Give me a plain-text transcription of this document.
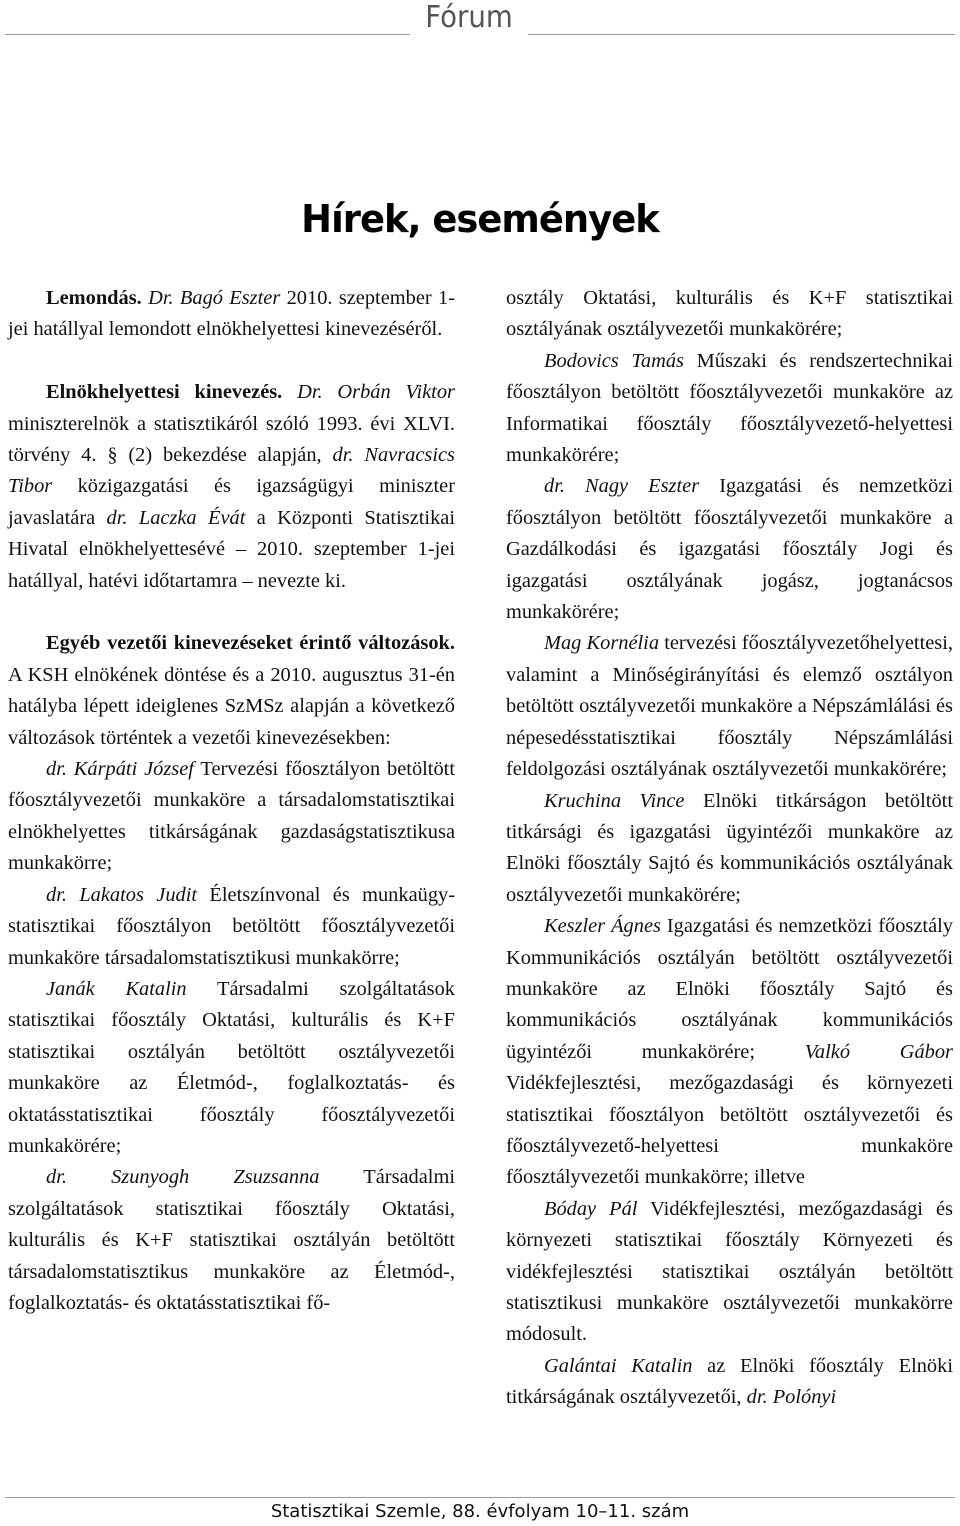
Fórum
Hírek, események

Lemondás. Dr. Bagó Eszter 2010. szeptember 1-jei hatállyal lemondott elnökhelyettesi kinevezéséről.

Elnökhelyettesi kinevezés. Dr. Orbán Viktor miniszterelnök a statisztikáról szóló 1993. évi XLVI. törvény 4. § (2) bekezdése alapján, dr. Navracsics Tibor közigazgatási és igazságügyi miniszter javaslatára dr. Laczka Évát a Központi Statisztikai Hivatal elnökhelyettesévé – 2010. szeptember 1-jei hatállyal, hatévi időtartamra – nevezte ki.

Egyéb vezetői kinevezéseket érintő változások. A KSH elnökének döntése és a 2010. augusztus 31-én hatályba lépett ideiglenes SzMSz alapján a következő változások történtek a vezetői kinevezésekben:

dr. Kárpáti József Tervezési főosztályon betöltött főosztályvezetői munkaköre a társadalomstatisztikai elnökhelyettes titkárságának gazdaságstatisztikusa munkakörre;

dr. Lakatos Judit Életszínvonal és munkaügy-statisztikai főosztályon betöltött főosztályvezetői munkaköre társadalomstatisztikusi munkakörre;

Janák Katalin Társadalmi szolgáltatások statisztikai főosztály Oktatási, kulturális és K+F statisztikai osztályán betöltött osztályvezetői munkaköre az Életmód-, foglalkoztatás- és oktatásstatisztikai főosztály főosztályvezetői munkakörére;

dr. Szunyogh Zsuzsanna Társadalmi szolgáltatások statisztikai főosztály Oktatási, kulturális és K+F statisztikai osztályán betöltött társadalomstatisztikus munkaköre az Életmód-, foglalkoztatás- és oktatásstatisztikai fő-

osztály Oktatási, kulturális és K+F statisztikai osztályának osztályvezetői munkakörére;

Bodovics Tamás Műszaki és rendszertechnikai főosztályon betöltött főosztályvezetői munkaköre az Informatikai főosztály főosztályvezető-helyettesi munkakörére;

dr. Nagy Eszter Igazgatási és nemzetközi főosztályon betöltött főosztályvezetői munkaköre a Gazdálkodási és igazgatási főosztály Jogi és igazgatási osztályának jogász, jogtanácsos munkakörére;

Mag Kornélia tervezési főosztályvezetőhelyettesi, valamint a Minőségirányítási és elemző osztályon betöltött osztályvezetői munkaköre a Népszámlálási és népesedésstatisztikai főosztály Népszámlálási feldolgozási osztályának osztályvezetői munkakörére;

Kruchina Vince Elnöki titkárságon betöltött titkársági és igazgatási ügyintézői munkaköre az Elnöki főosztály Sajtó és kommunikációs osztályának osztályvezetői munkakörére;

Keszler Ágnes Igazgatási és nemzetközi főosztály Kommunikációs osztályán betöltött osztályvezetői munkaköre az Elnöki főosztály Sajtó és kommunikációs osztályának kommunikációs ügyintézői munkakörére; Valkó Gábor Vidékfejlesztési, mezőgazdasági és környezeti statisztikai főosztályon betöltött osztályvezetői és főosztályvezető-helyettesi munkaköre főosztályvezetői munkakörre; illetve

Bóday Pál Vidékfejlesztési, mezőgazdasági és környezeti statisztikai főosztály Környezeti és vidékfejlesztési statisztikai osztályán betöltött statisztikusi munkaköre osztályvezetői munkakörre módosult.

Galántai Katalin az Elnöki főosztály Elnöki titkárságának osztályvezetői, dr. Polónyi

Statisztikai Szemle, 88. évfolyam 10–11. szám
